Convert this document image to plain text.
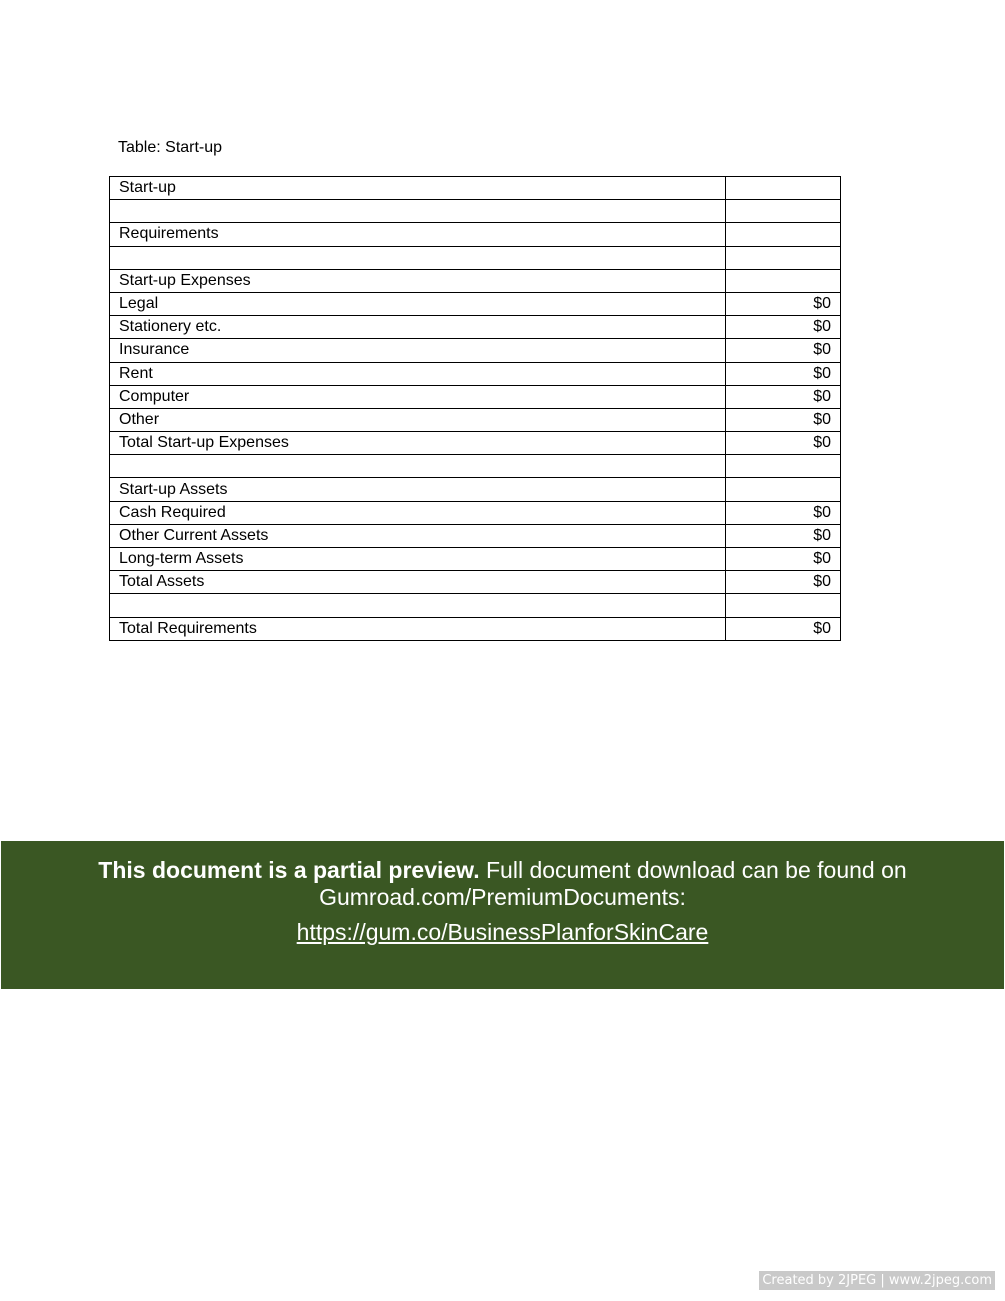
Table: Start-up
Start-up	

Requirements	

Start-up Expenses	
Legal	$0
Stationery etc.	$0
Insurance	$0
Rent	$0
Computer	$0
Other	$0
Total Start-up Expenses	$0

Start-up Assets	
Cash Required	$0
Other Current Assets	$0
Long-term Assets	$0
Total Assets	$0

Total Requirements	$0
This document is a partial preview. Full document download can be found on
Gumroad.com/PremiumDocuments:
https://gum.co/BusinessPlanforSkinCare
Created by 2JPEG | www.2jpeg.com
